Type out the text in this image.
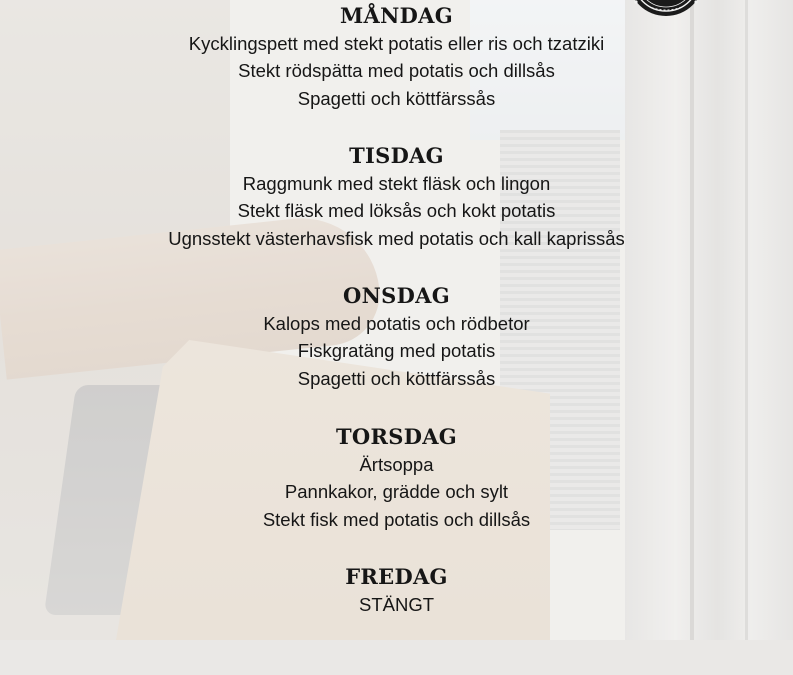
MÅNDAG
Kycklingspett med stekt potatis eller ris och tzatziki
Stekt rödspätta med potatis och dillsås
Spagetti och köttfärssås
TISDAG
Raggmunk med stekt fläsk och lingon
Stekt fläsk med löksås och kokt potatis
Ugnsstekt västerhavsfisk med potatis och kall kaprissås
ONSDAG
Kalops med potatis och rödbetor
Fiskgratäng med potatis
Spagetti och köttfärssås
TORSDAG
Ärtsoppa
Pannkakor, grädde och sylt
Stekt fisk med potatis och dillsås
FREDAG
STÄNGT
